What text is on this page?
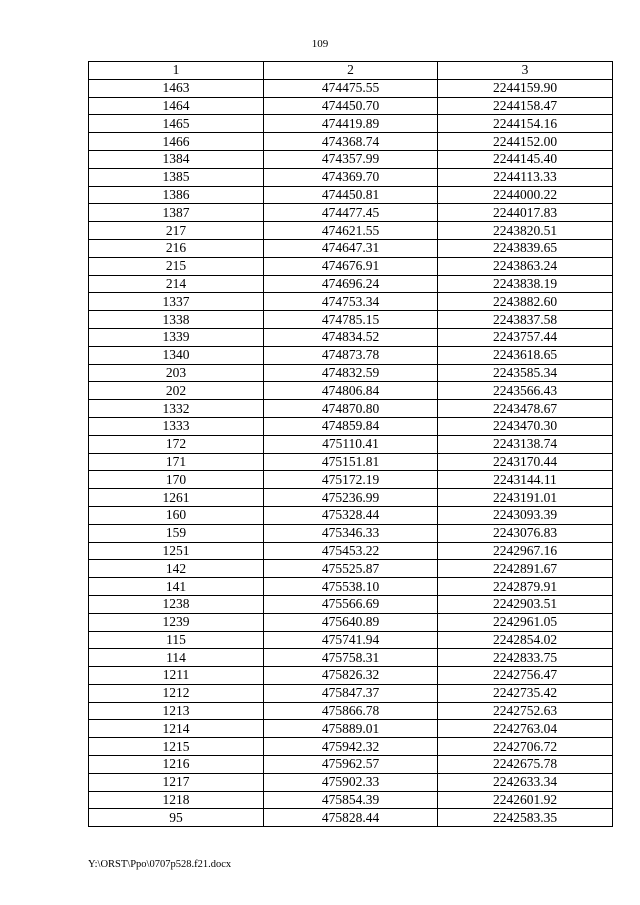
109
1	2	3
1463	474475.55	2244159.90
1464	474450.70	2244158.47
1465	474419.89	2244154.16
1466	474368.74	2244152.00
1384	474357.99	2244145.40
1385	474369.70	2244113.33
1386	474450.81	2244000.22
1387	474477.45	2244017.83
217	474621.55	2243820.51
216	474647.31	2243839.65
215	474676.91	2243863.24
214	474696.24	2243838.19
1337	474753.34	2243882.60
1338	474785.15	2243837.58
1339	474834.52	2243757.44
1340	474873.78	2243618.65
203	474832.59	2243585.34
202	474806.84	2243566.43
1332	474870.80	2243478.67
1333	474859.84	2243470.30
172	475110.41	2243138.74
171	475151.81	2243170.44
170	475172.19	2243144.11
1261	475236.99	2243191.01
160	475328.44	2243093.39
159	475346.33	2243076.83
1251	475453.22	2242967.16
142	475525.87	2242891.67
141	475538.10	2242879.91
1238	475566.69	2242903.51
1239	475640.89	2242961.05
115	475741.94	2242854.02
114	475758.31	2242833.75
1211	475826.32	2242756.47
1212	475847.37	2242735.42
1213	475866.78	2242752.63
1214	475889.01	2242763.04
1215	475942.32	2242706.72
1216	475962.57	2242675.78
1217	475902.33	2242633.34
1218	475854.39	2242601.92
95	475828.44	2242583.35
Y:\ORST\Ppo\0707p528.f21.docx
